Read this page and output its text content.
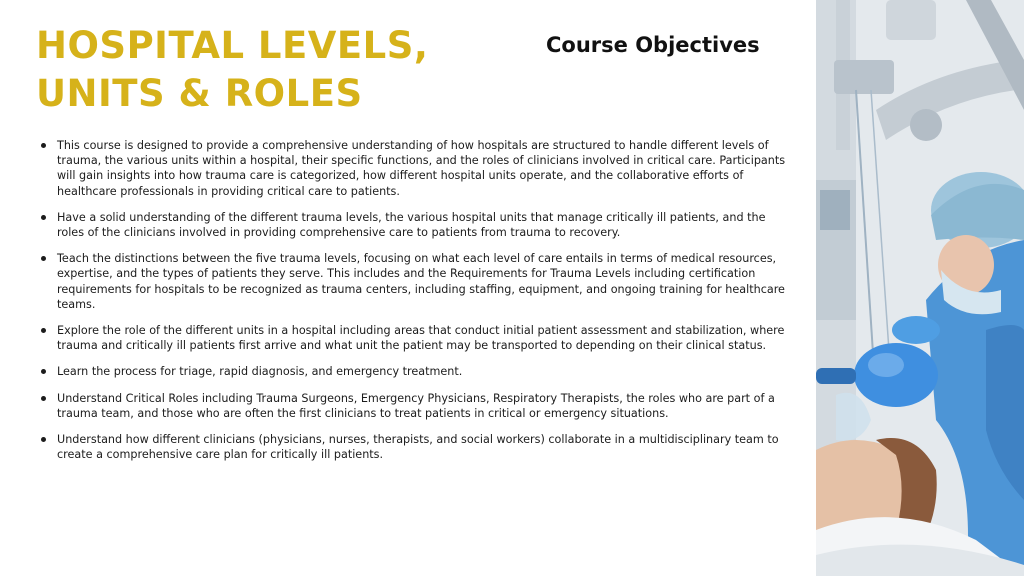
HOSPITAL LEVELS, UNITS & ROLES
Course Objectives
This course is designed to provide a comprehensive understanding of how hospitals are structured to handle different levels of trauma, the various units within a hospital, their specific functions, and the roles of clinicians involved in critical care. Participants will gain insights into how trauma care is categorized, how different hospital units operate, and the collaborative efforts of healthcare professionals in providing critical care to patients.
Have a solid understanding of the different trauma levels, the various hospital units that manage critically ill patients, and the roles of the clinicians involved in providing comprehensive care to patients from trauma to recovery.
Teach the distinctions between the five trauma levels, focusing on what each level of care entails in terms of medical resources, expertise, and the types of patients they serve. This includes and the Requirements for Trauma Levels including certification requirements for hospitals to be recognized as trauma centers, including staffing, equipment, and ongoing training for healthcare teams.
Explore the role of the different units in a hospital including areas that conduct initial patient assessment and stabilization, where trauma and critically ill patients first arrive and what unit the patient may be transported to depending on their clinical status.
Learn the process for triage, rapid diagnosis, and emergency treatment.
Understand Critical Roles including Trauma Surgeons, Emergency Physicians, Respiratory Therapists, the roles who are part of a trauma team, and those who are often the first clinicians to treat patients in critical or emergency situations.
Understand how different clinicians (physicians, nurses, therapists, and social workers) collaborate in a multidisciplinary team to create a comprehensive care plan for critically ill patients.
